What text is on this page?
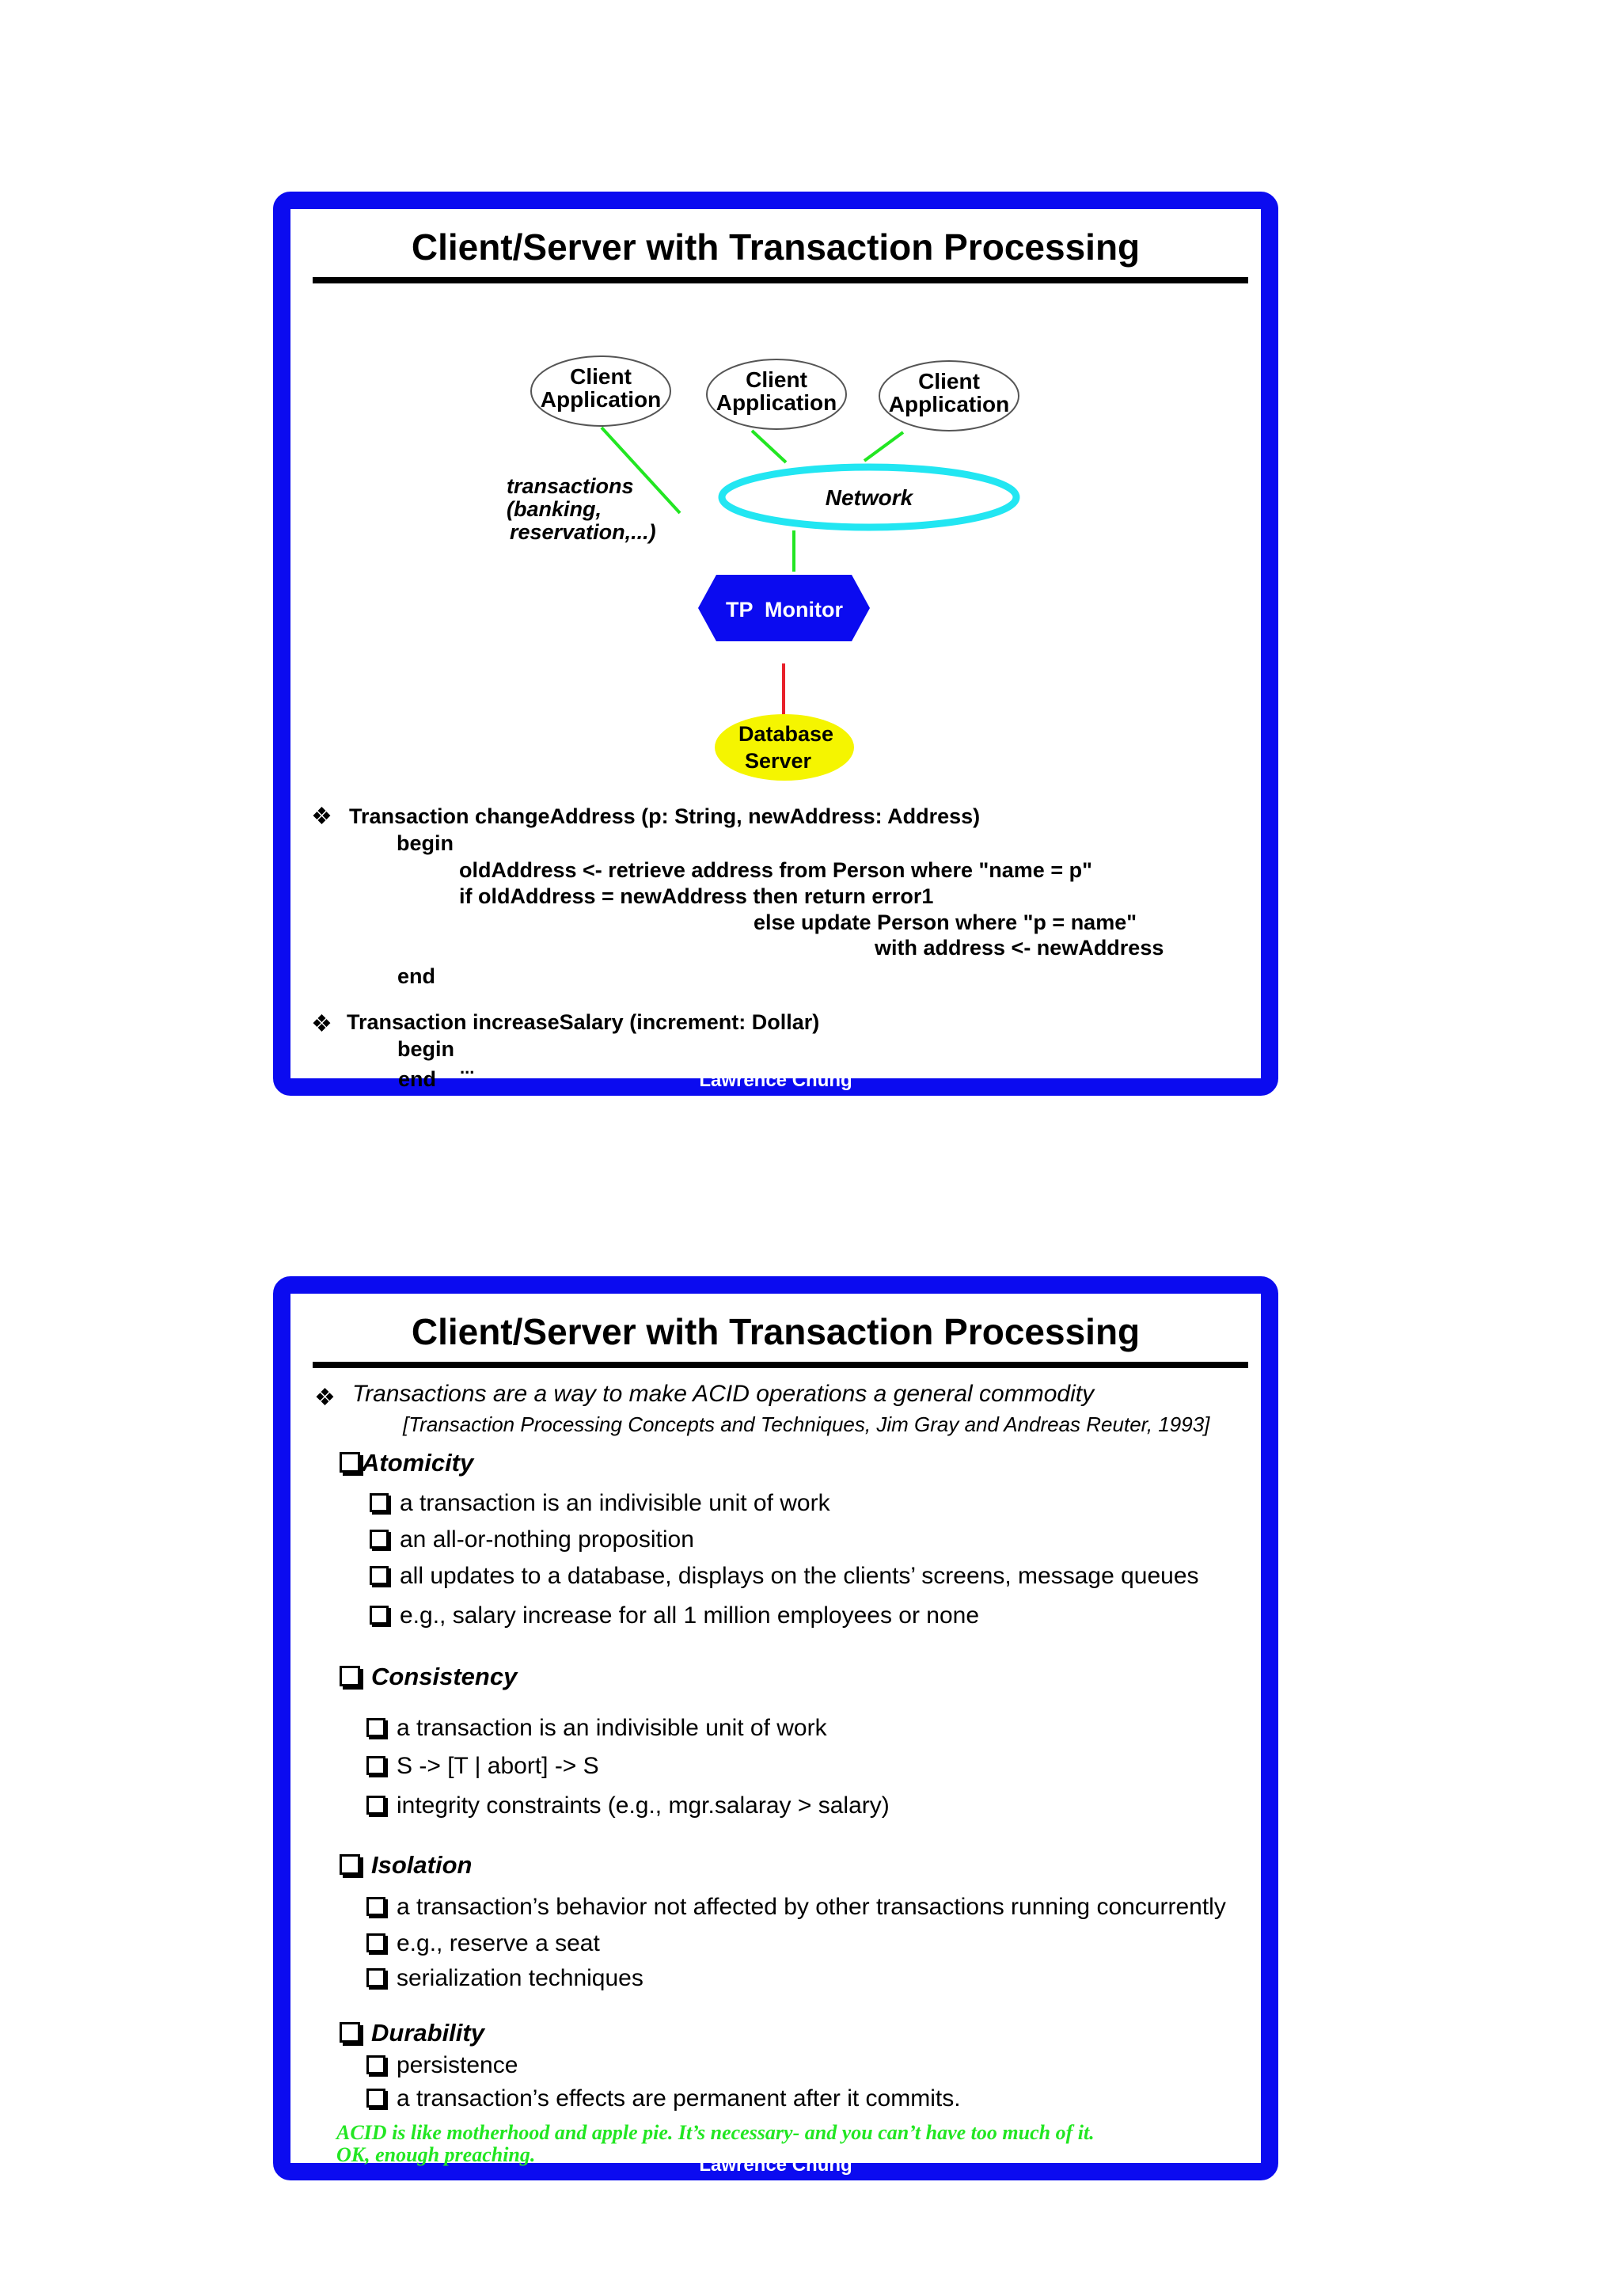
Client/Server with Transaction Processing
Client
Application
Client
Application
Client
Application
Network
transactions
(banking,
reservation,...)
TP  Monitor
Database
Server
❖ Transaction changeAddress (p: String, newAddress: Address)
begin
oldAddress <- retrieve address from Person where "name = p"
if oldAddress = newAddress then return error1
else update Person where "p = name"
with address <- newAddress
end
❖ Transaction increaseSalary (increment: Dollar)
begin
...
end	Lawrence Chung
Client/Server with Transaction Processing
❖ Transactions are a way to make ACID operations a general commodity
[Transaction Processing Concepts and Techniques, Jim Gray and Andreas Reuter, 1993]
Atomicity
a transaction is an indivisible unit of work
an all-or-nothing proposition
all updates to a database, displays on the clients’ screens, message queues
e.g., salary increase for all 1 million employees or none
Consistency
a transaction is an indivisible unit of work
S -> [T | abort] -> S
integrity constraints (e.g., mgr.salaray > salary)
Isolation
a transaction’s behavior not affected by other transactions running concurrently
e.g., reserve a seat
serialization techniques
Durability
persistence
a transaction’s effects are permanent after it commits.
ACID is like motherhood and apple pie. It’s necessary- and you can’t have too much of it.
OK, enough preaching.	Lawrence Chung
